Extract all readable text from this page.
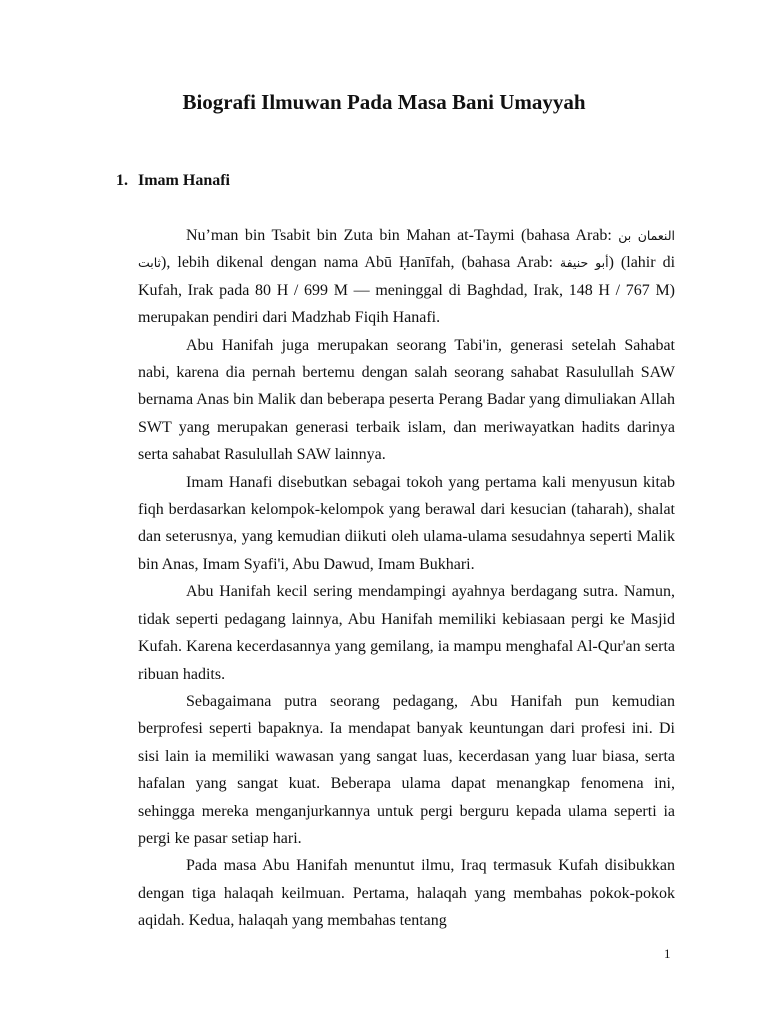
Biografi Ilmuwan Pada Masa Bani Umayyah
1. Imam Hanafi

Nu’man bin Tsabit bin Zuta bin Mahan at-Taymi (bahasa Arab: النعمان بن ثابت), lebih dikenal dengan nama Abū Ḥanīfah, (bahasa Arab: أبو حنيفة) (lahir di Kufah, Irak pada 80 H / 699 M — meninggal di Baghdad, Irak, 148 H / 767 M) merupakan pendiri dari Madzhab Fiqih Hanafi.

Abu Hanifah juga merupakan seorang Tabi'in, generasi setelah Sahabat nabi, karena dia pernah bertemu dengan salah seorang sahabat Rasulullah SAW bernama Anas bin Malik dan beberapa peserta Perang Badar yang dimuliakan Allah SWT yang merupakan generasi terbaik islam, dan meriwayatkan hadits darinya serta sahabat Rasulullah SAW lainnya.

Imam Hanafi disebutkan sebagai tokoh yang pertama kali menyusun kitab fiqh berdasarkan kelompok-kelompok yang berawal dari kesucian (taharah), shalat dan seterusnya, yang kemudian diikuti oleh ulama-ulama sesudahnya seperti Malik bin Anas, Imam Syafi'i, Abu Dawud, Imam Bukhari.

Abu Hanifah kecil sering mendampingi ayahnya berdagang sutra. Namun, tidak seperti pedagang lainnya, Abu Hanifah memiliki kebiasaan pergi ke Masjid Kufah. Karena kecerdasannya yang gemilang, ia mampu menghafal Al-Qur'an serta ribuan hadits.

Sebagaimana putra seorang pedagang, Abu Hanifah pun kemudian berprofesi seperti bapaknya. Ia mendapat banyak keuntungan dari profesi ini. Di sisi lain ia memiliki wawasan yang sangat luas, kecerdasan yang luar biasa, serta hafalan yang sangat kuat. Beberapa ulama dapat menangkap fenomena ini, sehingga mereka menganjurkannya untuk pergi berguru kepada ulama seperti ia pergi ke pasar setiap hari.

Pada masa Abu Hanifah menuntut ilmu, Iraq termasuk Kufah disibukkan dengan tiga halaqah keilmuan. Pertama, halaqah yang membahas pokok-pokok aqidah. Kedua, halaqah yang membahas tentang

1
